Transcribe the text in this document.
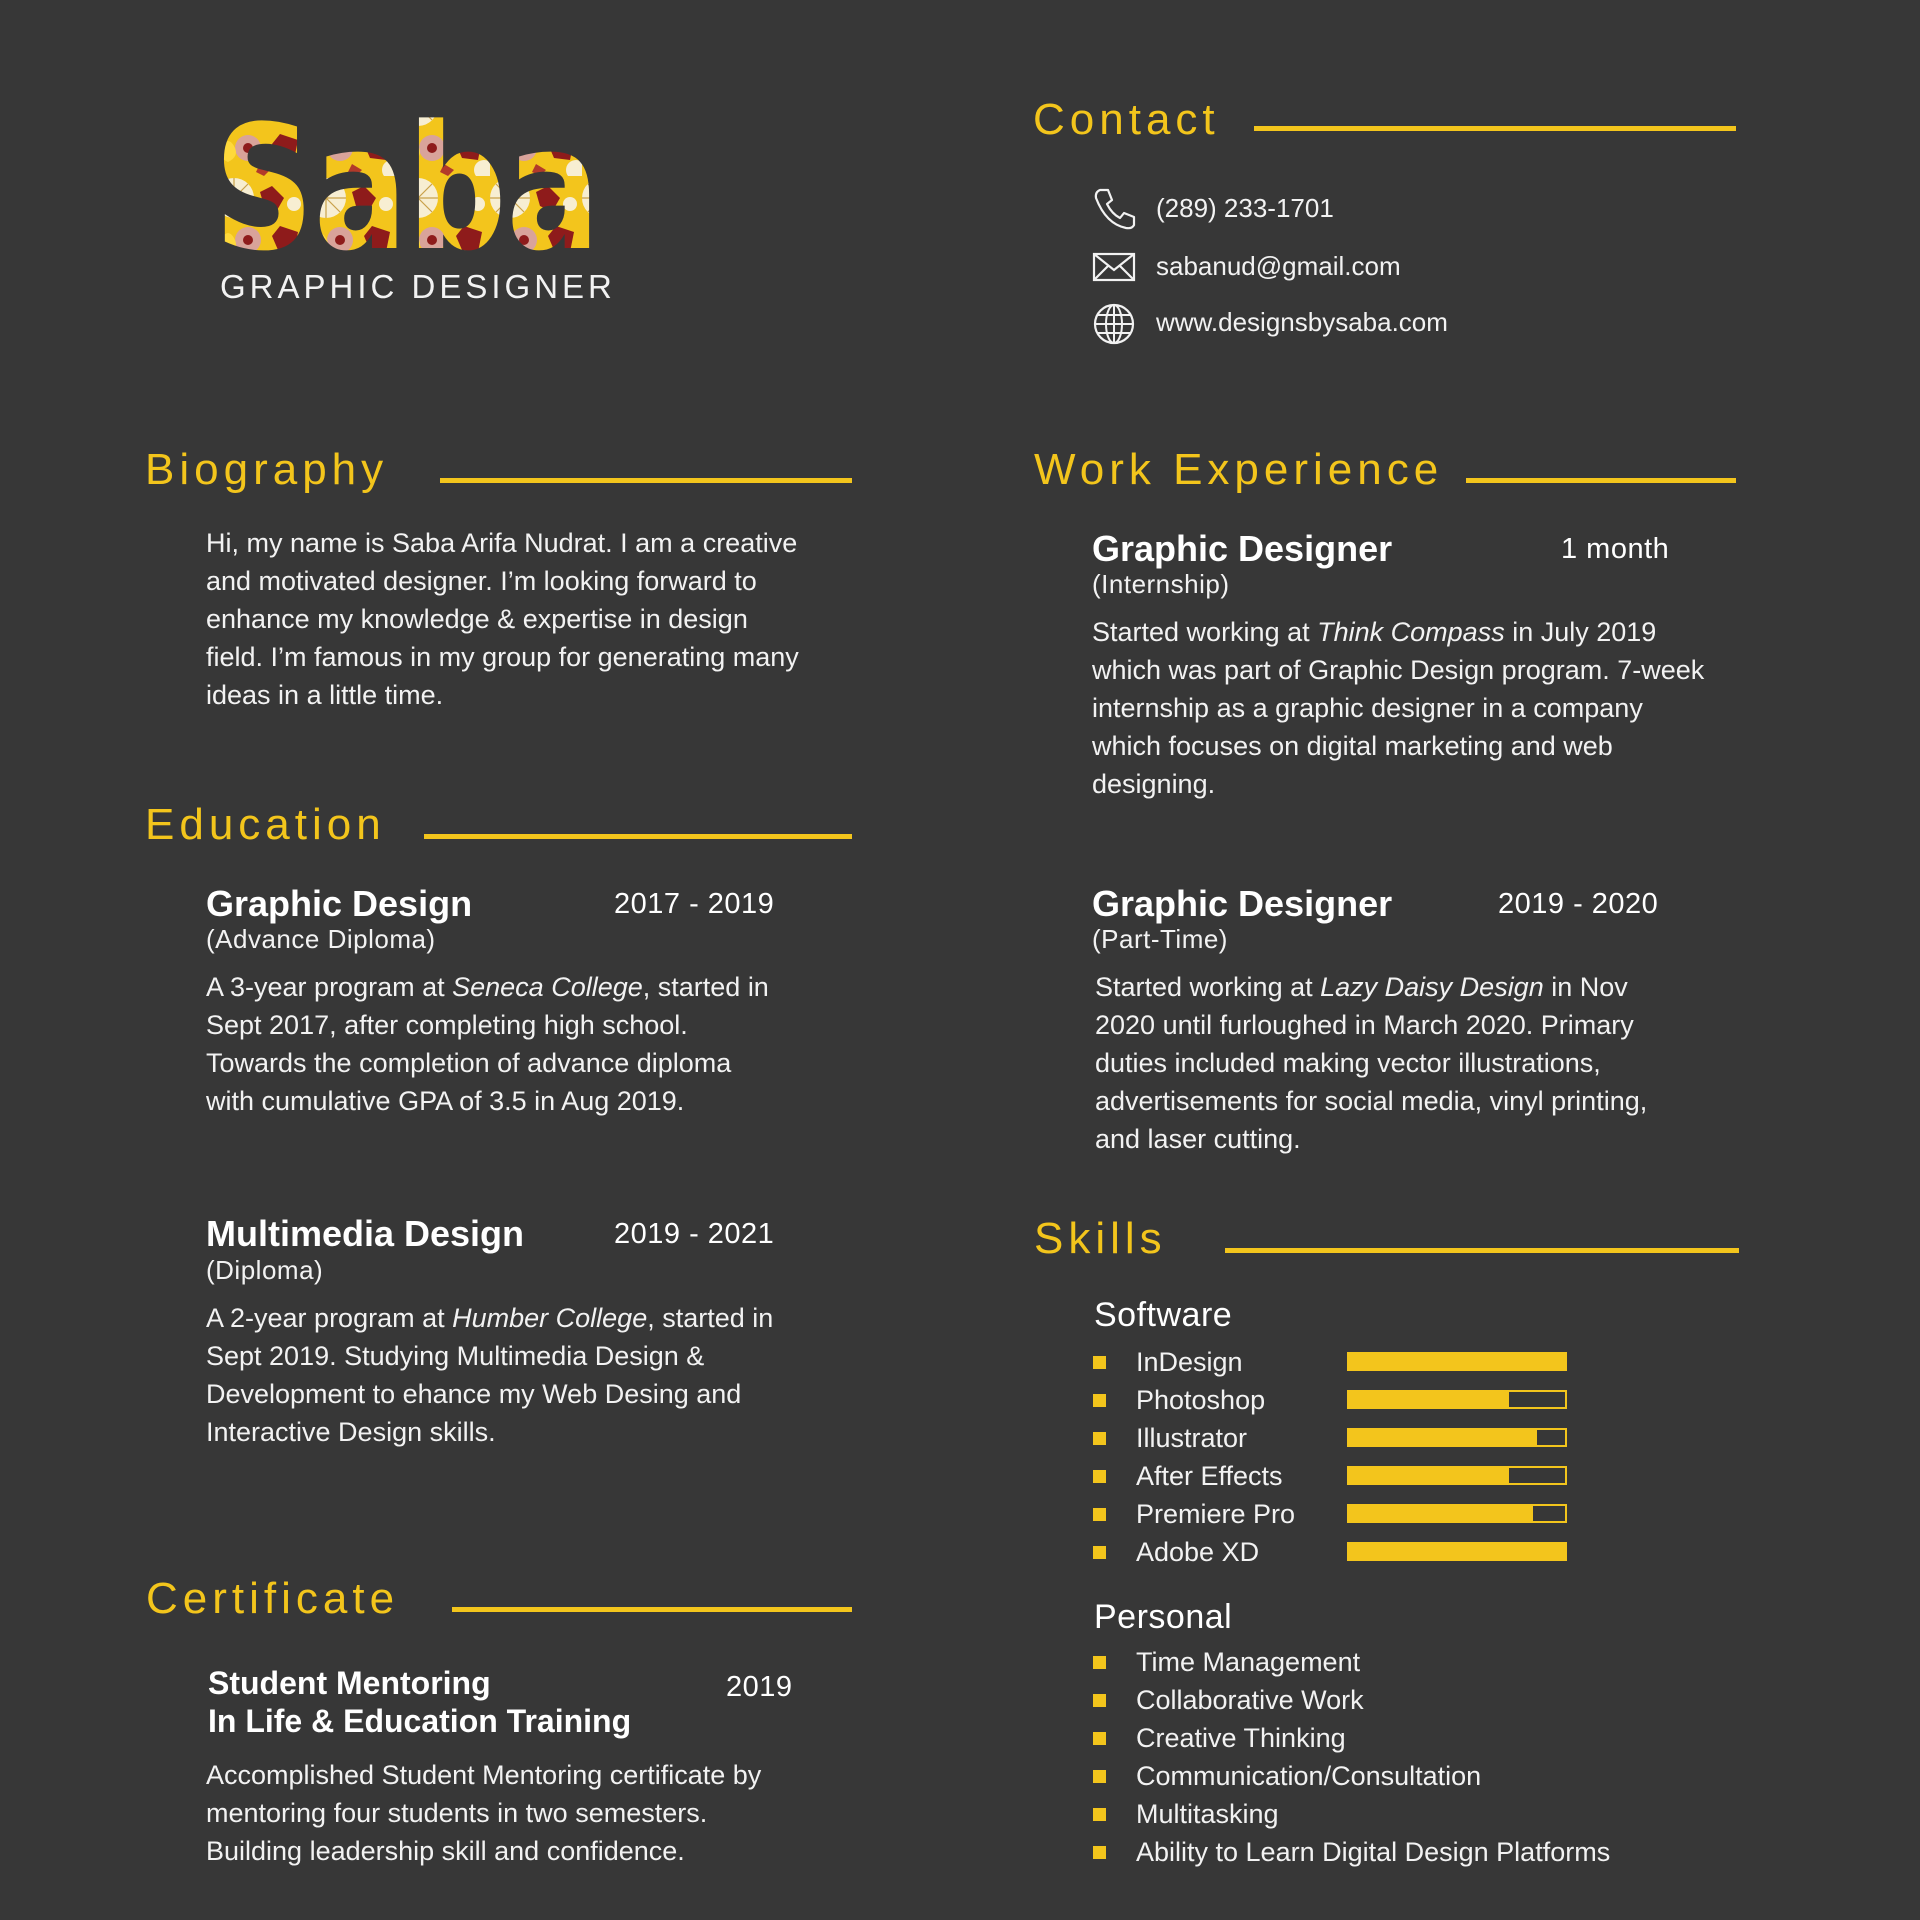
Saba
GRAPHIC DESIGNER
Contact
(289) 233-1701
sabanud@gmail.com
www.designsbysaba.com
Biography

Hi, my name is Saba Arifa Nudrat. I am a creative and motivated designer. I’m looking forward to enhance my knowledge & expertise in design field. I’m famous in my group for generating many ideas in a little time.

Education
Graphic Design	2017 - 2019
(Advance Diploma)

A 3-year program at Seneca College, started in Sept 2017, after completing high school. Towards the completion of advance diploma with cumulative GPA of 3.5 in Aug 2019.

Multimedia Design	2019 - 2021
(Diploma)

A 2-year program at Humber College, started in Sept 2019. Studying Multimedia Design & Development to ehance my Web Desing and Interactive Design skills.

Certificate
Student Mentoring
In Life & Education Training
2019

Accomplished Student Mentoring certificate by mentoring four students in two semesters. Building leadership skill and confidence.

Work Experience
Graphic Designer	1 month
(Internship)

Started working at Think Compass in July 2019 which was part of Graphic Design program. 7-week internship as a graphic designer in a company which focuses on digital marketing and web designing.

Graphic Designer	2019 - 2020
(Part-Time)

Started working at Lazy Daisy Design in Nov 2020 until furloughed in March 2020. Primary duties included making vector illustrations, advertisements for social media, vinyl printing, and laser cutting.

Skills
Software
InDesign
Photoshop
Illustrator
After Effects
Premiere Pro
Adobe XD
Personal
Time Management
Collaborative Work
Creative Thinking
Communication/Consultation
Multitasking
Ability to Learn Digital Design Platforms
